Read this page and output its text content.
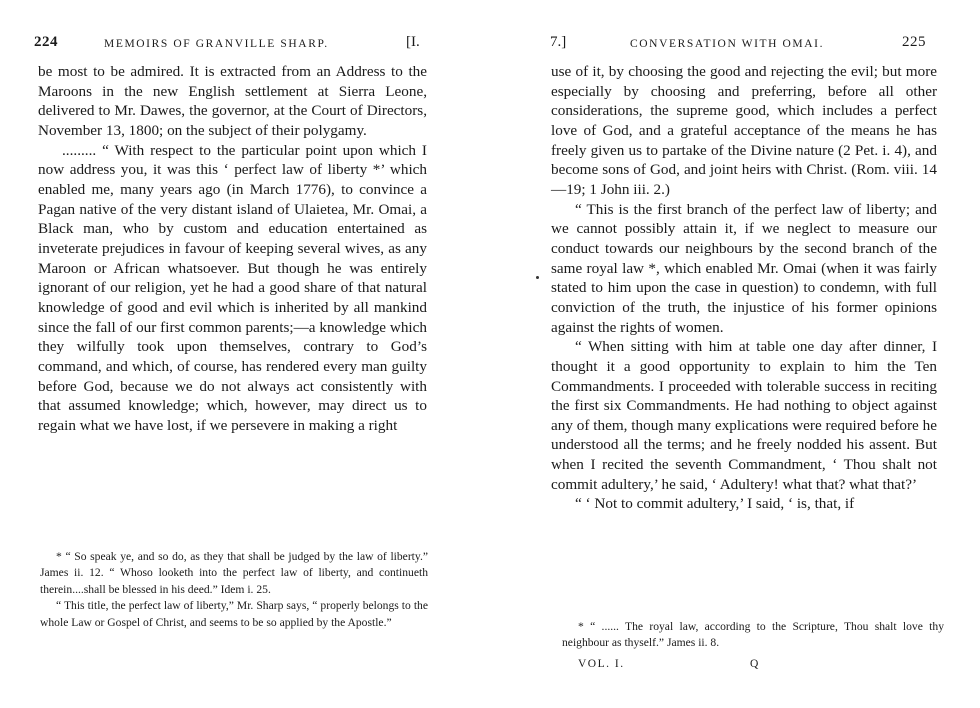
224	MEMOIRS OF GRANVILLE SHARP.	[I.

be most to be admired. It is extracted from an Address to the Maroons in the new English settlement at Sierra Leone, delivered to Mr. Dawes, the governor, at the Court of Directors, November 13, 1800; on the subject of their polygamy.

......... “ With respect to the particular point upon which I now address you, it was this ‘ perfect law of liberty *’ which enabled me, many years ago (in March 1776), to convince a Pagan native of the very distant island of Ulaietea, Mr. Omai, a Black man, who by custom and education entertained as inveterate prejudices in favour of keeping several wives, as any Maroon or African whatsoever. But though he was entirely ignorant of our religion, yet he had a good share of that natural knowledge of good and evil which is inherited by all mankind since the fall of our first common parents;—a knowledge which they wilfully took upon themselves, contrary to God’s command, and which, of course, has rendered every man guilty before God, because we do not always act consistently with that assumed knowledge; which, however, may direct us to regain what we have lost, if we persevere in making a right

* “ So speak ye, and so do, as they that shall be judged by the law of liberty.” James ii. 12. “ Whoso looketh into the perfect law of liberty, and continueth therein....shall be blessed in his deed.” Idem i. 25.

“ This title, the perfect law of liberty,” Mr. Sharp says, “ properly belongs to the whole Law or Gospel of Christ, and seems to be so applied by the Apostle.”

7.]	CONVERSATION WITH OMAI.	225

use of it, by choosing the good and rejecting the evil; but more especially by choosing and preferring, before all other considerations, the supreme good, which includes a perfect love of God, and a grateful acceptance of the means he has freely given us to partake of the Divine nature (2 Pet. i. 4), and become sons of God, and joint heirs with Christ. (Rom. viii. 14—19; 1 John iii. 2.)

“ This is the first branch of the perfect law of liberty; and we cannot possibly attain it, if we neglect to measure our conduct towards our neighbours by the second branch of the same royal law *, which enabled Mr. Omai (when it was fairly stated to him upon the case in question) to condemn, with full conviction of the truth, the injustice of his former opinions against the rights of women.

“ When sitting with him at table one day after dinner, I thought it a good opportunity to explain to him the Ten Commandments. I proceeded with tolerable success in reciting the first six Commandments. He had nothing to object against any of them, though many explications were required before he understood all the terms; and he freely nodded his assent. But when I recited the seventh Commandment, ‘ Thou shalt not commit adultery,’ he said, ‘ Adultery! what that? what that?’

“ ‘ Not to commit adultery,’ I said, ‘ is, that, if

* “ ...... The royal law, according to the Scripture, Thou shalt love thy neighbour as thyself.” James ii. 8.

VOL. I.	Q
